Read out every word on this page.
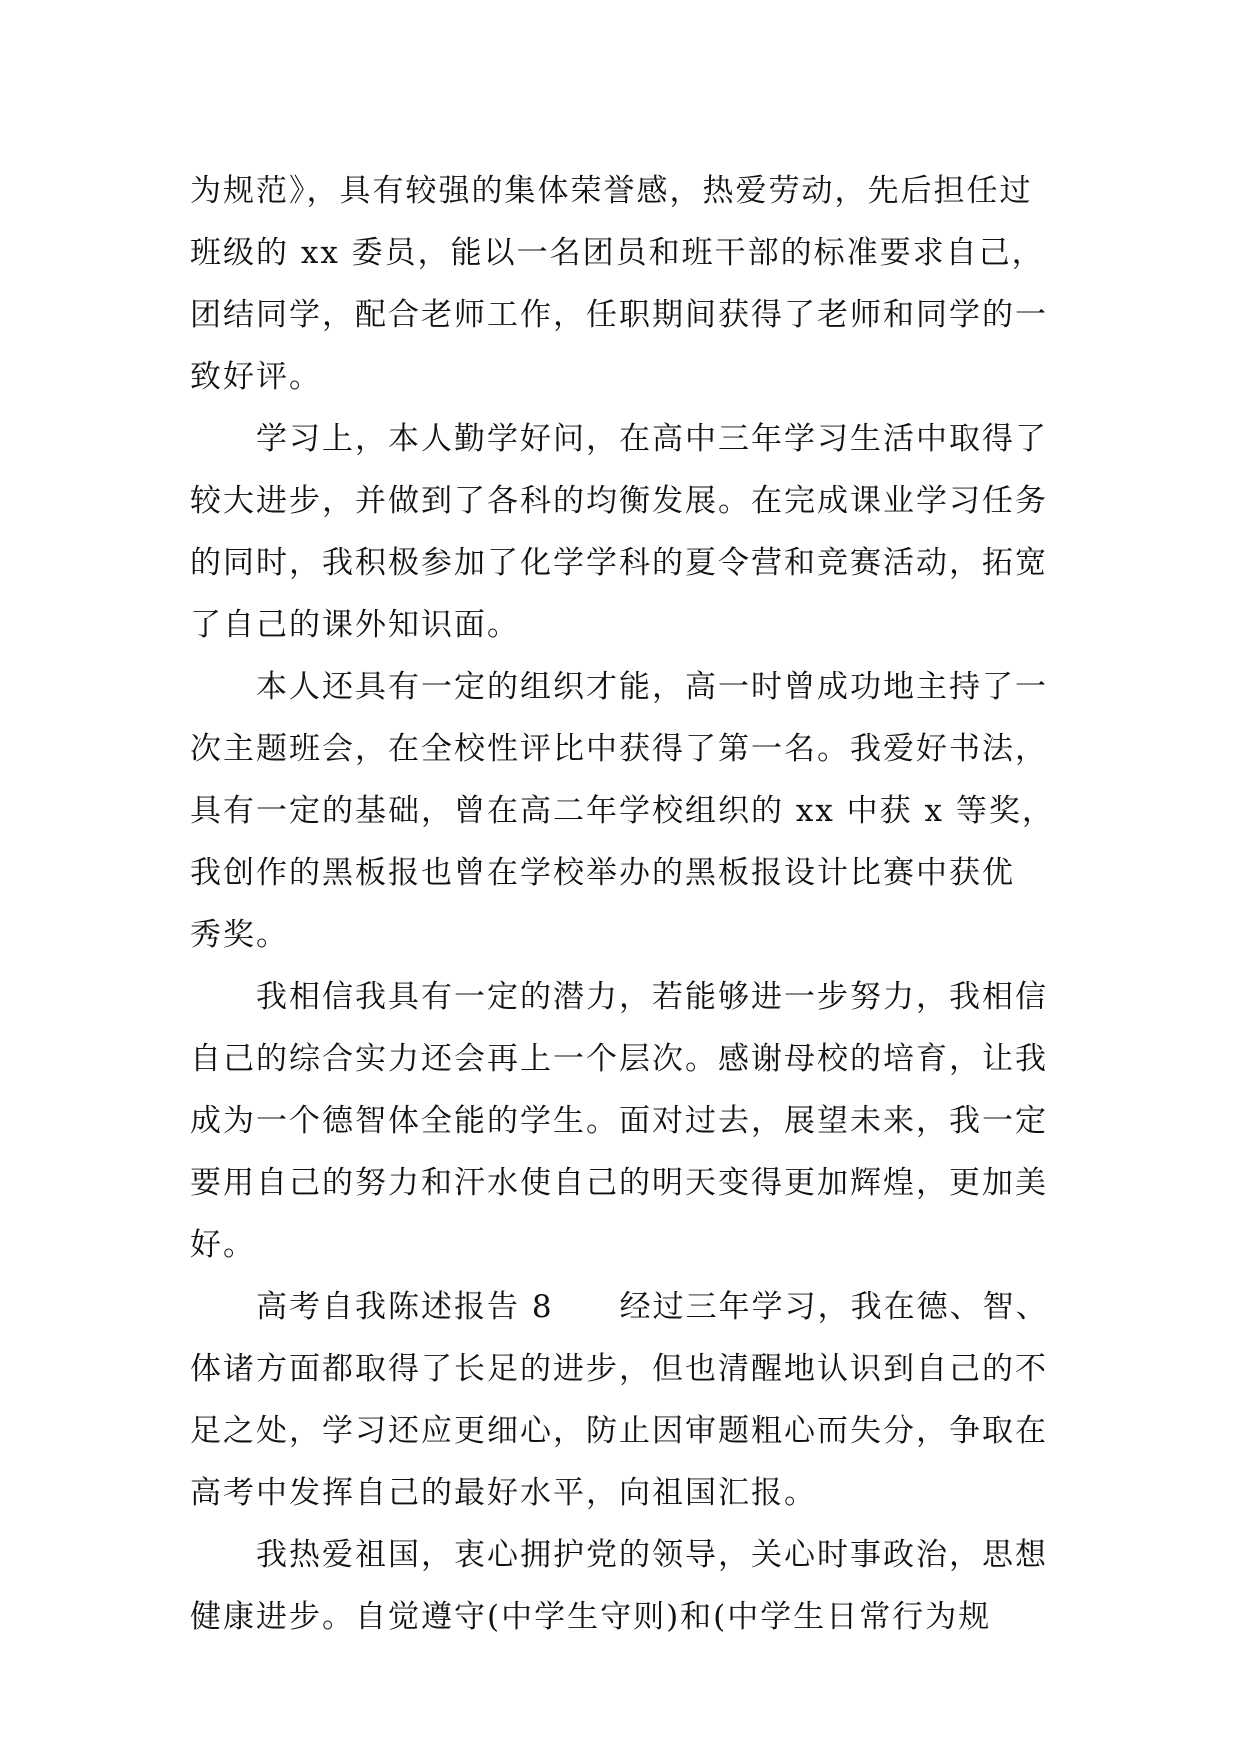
为规范》，具有较强的集体荣誉感，热爱劳动，先后担任过
班级的 xx 委员，能以一名团员和班干部的标准要求自己，
团结同学，配合老师工作，任职期间获得了老师和同学的一
致好评。
学习上，本人勤学好问，在高中三年学习生活中取得了
较大进步，并做到了各科的均衡发展。在完成课业学习任务
的同时，我积极参加了化学学科的夏令营和竞赛活动，拓宽
了自己的课外知识面。
本人还具有一定的组织才能，高一时曾成功地主持了一
次主题班会，在全校性评比中获得了第一名。我爱好书法，
具有一定的基础，曾在高二年学校组织的 xx 中获 x 等奖，
我创作的黑板报也曾在学校举办的黑板报设计比赛中获优
秀奖。
我相信我具有一定的潜力，若能够进一步努力，我相信
自己的综合实力还会再上一个层次。感谢母校的培育，让我
成为一个德智体全能的学生。面对过去，展望未来，我一定
要用自己的努力和汗水使自己的明天变得更加辉煌，更加美
好。
高考自我陈述报告 8　　经过三年学习，我在德、智、
体诸方面都取得了长足的进步，但也清醒地认识到自己的不
足之处，学习还应更细心，防止因审题粗心而失分，争取在
高考中发挥自己的最好水平，向祖国汇报。
我热爱祖国，衷心拥护党的领导，关心时事政治，思想
健康进步。自觉遵守(中学生守则)和(中学生日常行为规
